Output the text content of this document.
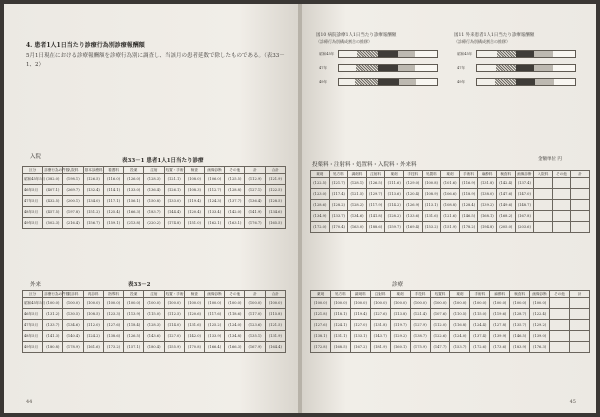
4. 患者1人1日当たり診療行為別診療報酬額
5月1日現在における診療報酬額を診療行為別に調査し、当該月の患者延数で除したものである。（表33－1、2）
入院
表33－1 患者1人1日当たり診療
区分	診療行為の件数	入院料	基本診療料	看護料	投薬	注射	処置・手術	検査	画像診断	その他	計	合計
昭和45年5月	(382.0)	(198.1)	(126.5)	(116.0)	(126.0)	(128.3)	(121.1)	(108.0)	(106.0)	(125.5)	(112.9)	(121.9)
46年5月	(407.1)	(269.7)	(132.4)	(114.1)	(133.0)	(136.4)	(126.1)	(108.3)	(112.7)	(128.8)	(127.1)	(122.5)
47年5月	(432.5)	(200.1)	(134.0)	(117.1)	(156.1)	(150.8)	(133.0)	(119.4)	(124.3)	(137.7)	(136.4)	(128.5)
48年5月	(457.5)	(197.8)	(151.2)	(125.4)	(166.3)	(183.7)	(144.4)	(120.4)	(133.4)	(142.0)	(141.9)	(134.6)
49年5月	(502.3)	(216.4)	(156.7)	(159.1)	(213.8)	(220.2)	(174.8)	(151.0)	(162.1)	(163.1)	(176.7)	(165.5)
外来	表33－2
区分	診療行為の件数	初診料	再診料	指導料	投薬	注射	処置・手術	検査	画像診断	その他	計	合計
昭和45年5月	(100.0)	(100.0)	(100.0)	(100.0)	(100.0)	(100.0)	(100.0)	(100.0)	(100.0)	(100.0)	(100.0)	(100.0)
46年5月	(131.2)	(130.5)	(108.5)	(123.3)	(113.9)	(115.0)	(112.5)	(120.6)	(117.6)	(118.6)	(117.0)	(115.8)
47年5月	(133.7)	(134.6)	(112.0)	(127.6)	(118.4)	(128.3)	(114.0)	(131.6)	(125.2)	(124.0)	(123.6)	(121.5)
48年5月	(141.3)	(140.4)	(124.2)	(138.6)	(126.5)	(143.6)	(127.0)	(142.0)	(133.9)	(134.8)	(135.1)	(131.9)
49年5月	(180.8)	(178.9)	(161.6)	(173.2)	(157.1)	(180.4)	(155.9)	(170.8)	(166.4)	(166.3)	(167.9)	(164.4)
44
図10 病院診療1人1日当たり診療報酬額
（診療行為別構成割合の推移）
昭和45年
47年
49年
図11 外来患者1人1日当たり診療報酬額
（診療行為別構成割合の推移）
昭和45年
47年
49年
投薬料・注射料・処置料・入院料・外来料
金額単位 円
薬剤	処方料	調剤料	注射料	薬剤	手技料	処置料	薬剤	手術料	麻酔料	検査料	画像診断	入院料	その他	計
(122.5)	(121.7)	(128.1)	(126.5)	(111.6)	(129.0)	(100.8)	(101.6)	(116.9)	(131.8)	(142.4)	(137.4)			
(123.0)	(117.4)	(121.5)	(129.7)	(113.6)	(120.4)	(108.9)	(106.6)	(118.9)	(138.0)	(147.6)	(147.0)			
(128.6)	(128.2)	(128.2)	(117.9)	(114.2)	(126.9)	(113.1)	(108.8)	(128.4)	(139.2)	(149.6)	(148.7)			
(134.9)	(133.7)	(134.6)	(141.8)	(128.2)	(133.6)	(131.6)	(121.6)	(146.5)	(168.1)	(168.2)	(167.8)			
(172.0)	(170.4)	(163.0)	(188.6)	(159.7)	(169.4)	(153.2)	(151.9)	(178.2)	(194.8)	(205.0)	(203.6)			
診療
薬剤	処方料	調剤料	注射料	薬剤	手技料	処置料	薬剤	手術料	麻酔料	検査料	画像診断	その他	計
(100.0)	(100.0)	(100.0)	(100.0)	(100.0)	(100.0)	(100.0)	(100.0)	(100.0)	(100.0)	(100.0)	(100.0)		
(121.8)	(118.1)	(119.4)	(127.6)	(113.8)	(121.4)	(107.6)	(110.5)	(115.0)	(119.6)	(128.7)	(122.4)		
(127.6)	(124.1)	(127.0)	(131.8)	(119.7)	(127.9)	(112.0)	(116.8)	(124.4)	(127.8)	(135.7)	(129.2)		
(138.1)	(131.1)	(133.1)	(143.7)	(129.2)	(138.7)	(122.6)	(124.0)	(137.4)	(139.9)	(146.5)	(139.0)		
(172.8)	(168.5)	(167.2)	(181.9)	(160.1)	(175.9)	(147.7)	(153.7)	(172.6)	(173.6)	(183.9)	(176.3)		
45
